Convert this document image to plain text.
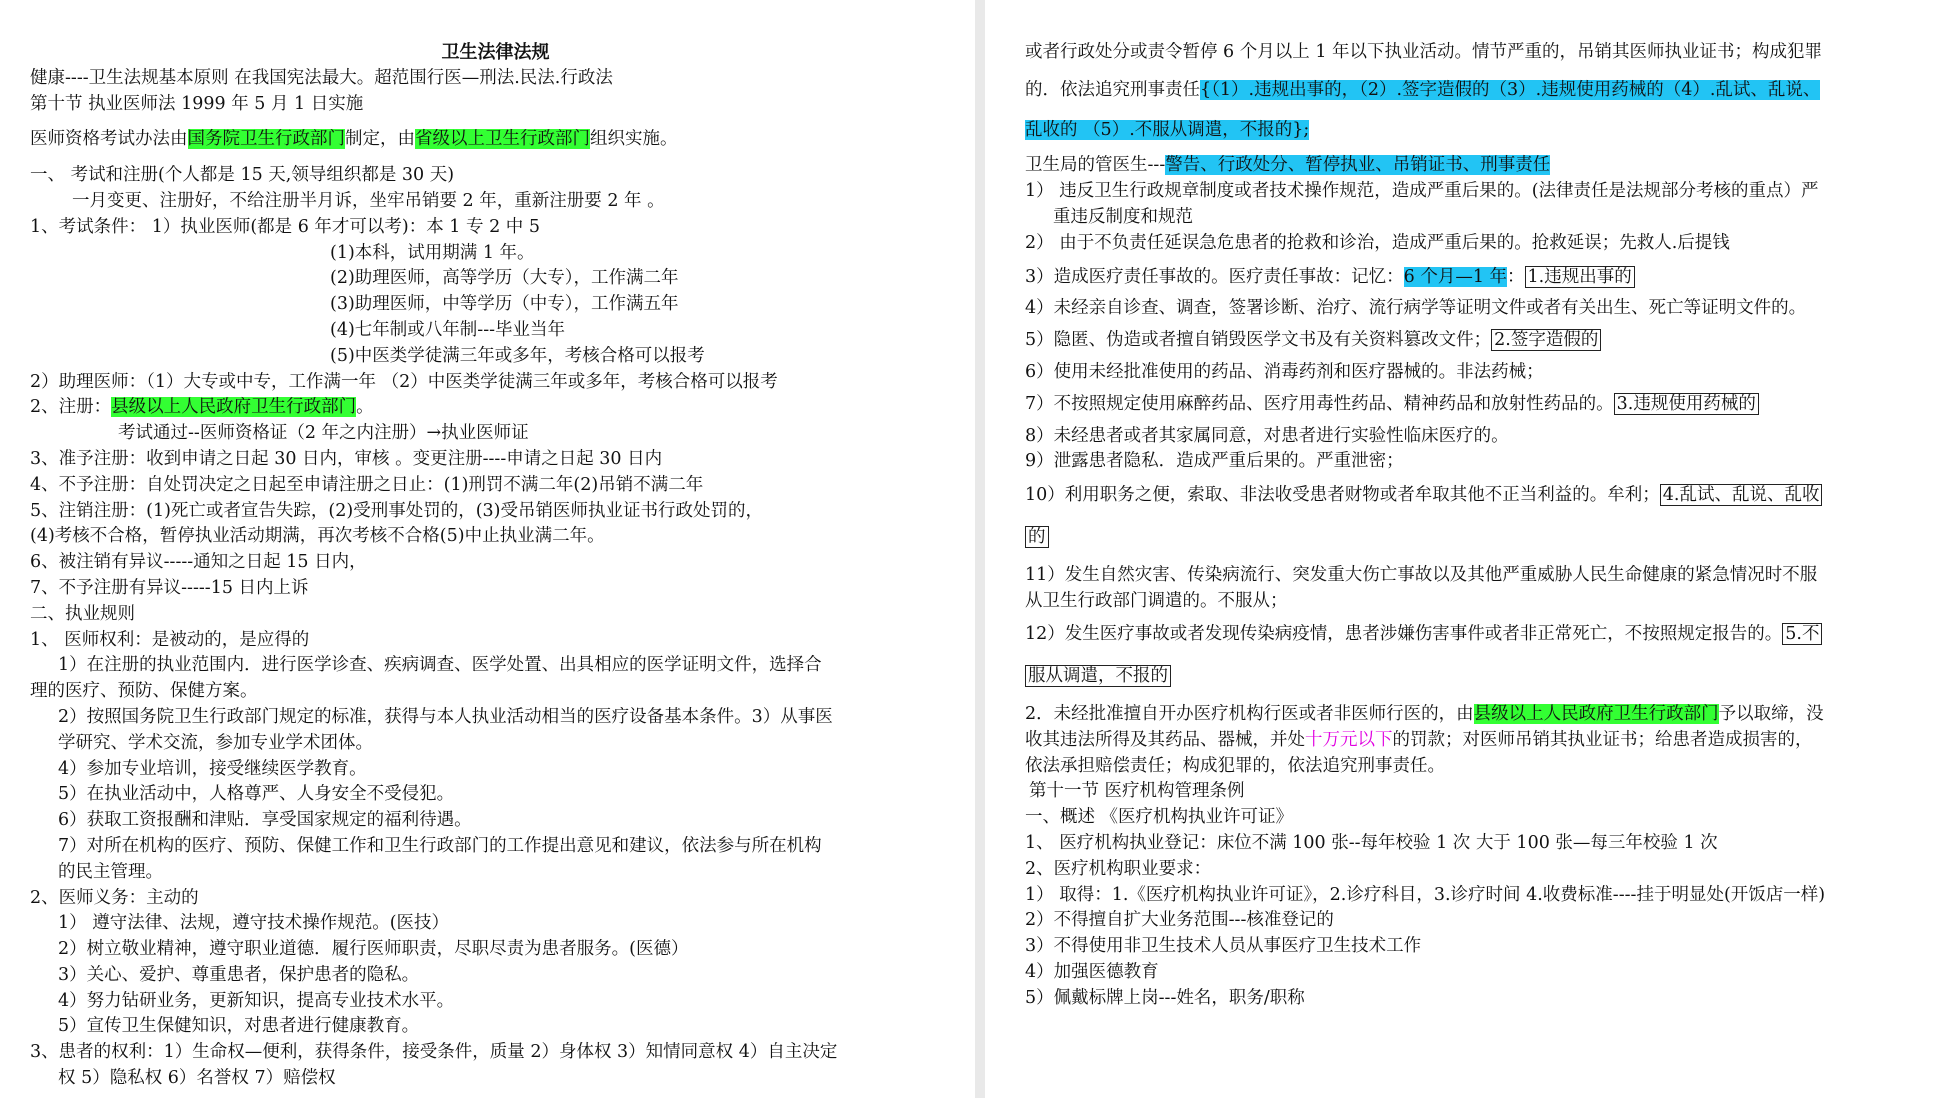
卫生法律法规
健康----卫生法规基本原则 在我国宪法最大。超范围行医—刑法.民法.行政法
第十节 执业医师法 1999 年 5 月 1 日实施
医师资格考试办法由国务院卫生行政部门制定，由省级以上卫生行政部门组织实施。
一、 考试和注册(个人都是 15 天,领导组织都是 30 天)
一月变更、注册好，不给注册半月诉，坐牢吊销要 2 年，重新注册要 2 年 。
1、考试条件： 1）执业医师(都是 6 年才可以考)：本 1 专 2 中 5
(1)本科，试用期满 1 年。
(2)助理医师，高等学历（大专），工作满二年
(3)助理医师，中等学历（中专），工作满五年
(4)七年制或八年制---毕业当年
(5)中医类学徒满三年或多年，考核合格可以报考
2）助理医师：（1）大专或中专，工作满一年 （2）中医类学徒满三年或多年，考核合格可以报考
2、注册：县级以上人民政府卫生行政部门。
考试通过--医师资格证（2 年之内注册）→执业医师证
3、准予注册：收到申请之日起 30 日内，审核 。变更注册----申请之日起 30 日内
4、不予注册：自处罚决定之日起至申请注册之日止：(1)刑罚不满二年(2)吊销不满二年
5、注销注册：(1)死亡或者宣告失踪，(2)受刑事处罚的，(3)受吊销医师执业证书行政处罚的，
(4)考核不合格，暂停执业活动期满，再次考核不合格(5)中止执业满二年。
6、被注销有异议-----通知之日起 15 日内，
7、不予注册有异议-----15 日内上诉
二、执业规则
1、 医师权利：是被动的，是应得的
1）在注册的执业范围内．进行医学诊查、疾病调查、医学处置、出具相应的医学证明文件，选择合
理的医疗、预防、保健方案。
2）按照国务院卫生行政部门规定的标准，获得与本人执业活动相当的医疗设备基本条件。3）从事医
学研究、学术交流，参加专业学术团体。
4）参加专业培训，接受继续医学教育。
5）在执业活动中，人格尊严、人身安全不受侵犯。
6）获取工资报酬和津贴．享受国家规定的福利待遇。
7）对所在机构的医疗、预防、保健工作和卫生行政部门的工作提出意见和建议，依法参与所在机构
的民主管理。
2、医师义务：主动的
1） 遵守法律、法规，遵守技术操作规范。(医技）
2）树立敬业精神，遵守职业道德．履行医师职责，尽职尽责为患者服务。(医德）
3）关心、爱护、尊重患者，保护患者的隐私。
4）努力钻研业务，更新知识，提高专业技术水平。
5）宣传卫生保健知识，对患者进行健康教育。
3、患者的权利：1）生命权—便利，获得条件，接受条件，质量 2）身体权 3）知情同意权 4）自主决定
权 5）隐私权 6）名誉权 7）赔偿权
或者行政处分或责令暂停 6 个月以上 1 年以下执业活动。情节严重的，吊销其医师执业证书；构成犯罪
的．依法追究刑事责任{（1）.违规出事的，（2）.签字造假的（3）.违规使用药械的（4）.乱试、乱说、
乱收的 （5）.不服从调遣，不报的};
卫生局的管医生---警告、行政处分、暂停执业、吊销证书、刑事责任
1） 违反卫生行政规章制度或者技术操作规范，造成严重后果的。(法律责任是法规部分考核的重点）严
重违反制度和规范
2） 由于不负责任延误急危患者的抢救和诊治，造成严重后果的。抢救延误；先救人.后提钱
3）造成医疗责任事故的。医疗责任事故：记忆：6 个月—1 年： 1.违规出事的
4）未经亲自诊查、调查，签署诊断、治疗、流行病学等证明文件或者有关出生、死亡等证明文件的。
5）隐匿、伪造或者擅自销毁医学文书及有关资料篡改文件； 2.签字造假的
6）使用未经批准使用的药品、消毒药剂和医疗器械的。非法药械；
7）不按照规定使用麻醉药品、医疗用毒性药品、精神药品和放射性药品的。 3.违规使用药械的
8）未经患者或者其家属同意，对患者进行实验性临床医疗的。
9）泄露患者隐私．造成严重后果的。严重泄密；
10）利用职务之便，索取、非法收受患者财物或者牟取其他不正当利益的。牟利； 4.乱试、乱说、乱收
的
11）发生自然灾害、传染病流行、突发重大伤亡事故以及其他严重威胁人民生命健康的紧急情况时不服
从卫生行政部门调遣的。不服从；
12）发生医疗事故或者发现传染病疫情，患者涉嫌伤害事件或者非正常死亡，不按照规定报告的。 5.不
服从调遣，不报的
2．未经批准擅自开办医疗机构行医或者非医师行医的，由县级以上人民政府卫生行政部门予以取缔，没
收其违法所得及其药品、器械，并处十万元以下的罚款；对医师吊销其执业证书；给患者造成损害的，
依法承担赔偿责任；构成犯罪的，依法追究刑事责任。
第十一节 医疗机构管理条例
一、概述 《医疗机构执业许可证》
1、 医疗机构执业登记：床位不满 100 张--每年校验 1 次 大于 100 张—每三年校验 1 次
2、医疗机构职业要求：
1） 取得：1.《医疗机构执业许可证》，2.诊疗科目，3.诊疗时间 4.收费标准----挂于明显处(开饭店一样)
2）不得擅自扩大业务范围---核准登记的
3）不得使用非卫生技术人员从事医疗卫生技术工作
4）加强医德教育
5）佩戴标牌上岗---姓名，职务/职称
